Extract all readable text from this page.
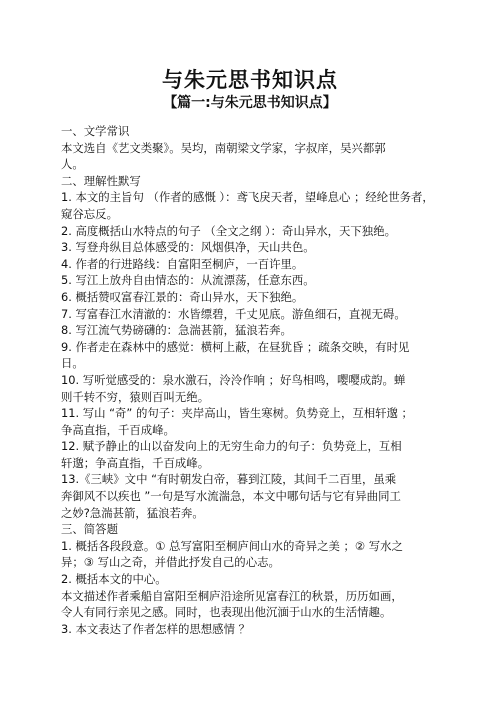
与朱元思书知识点
【篇一:与朱元思书知识点】

一、文学常识

本文选自《艺文类聚》。吴均，南朝梁文学家，字叔庠，吴兴都郭

人。

二、理解性默写

1. 本文的主旨句 （作者的感慨 ）：鸢飞戾天者，望峰息心 ；经纶世务者，

窥谷忘反。

2. 高度概括山水特点的句子 （全文之纲 ）：奇山异水，天下独绝。

3. 写登舟纵目总体感受的：风烟俱净，天山共色。

4. 作者的行进路线：自富阳至桐庐，一百许里。

5. 写江上放舟自由情态的：从流漂荡，任意东西。

6. 概括赞叹富春江景的：奇山异水，天下独绝。

7. 写富春江水清澈的：水皆缥碧，千丈见底。游鱼细石，直视无碍。

8. 写江流气势磅礴的：急湍甚箭，猛浪若奔。

9. 作者走在森林中的感觉：横柯上蔽，在昼犹昏 ；疏条交映，有时见

日。

10. 写听觉感受的：泉水激石，泠泠作响 ；好鸟相鸣，嘤嘤成韵。蝉

则千转不穷，猿则百叫无绝。

11. 写山 “奇” 的句子：夹岸高山，皆生寒树。负势竞上，互相轩邈 ；

争高直指，千百成峰。

12. 赋予静止的山以奋发向上的无穷生命力的句子：负势竞上，互相

轩邈；争高直指，千百成峰。

13.《三峡》文中 “有时朝发白帝，暮到江陵，其间千二百里，虽乘

奔御风不以疾也 ”一句是写水流湍急，本文中哪句话与它有异曲同工

之妙?急湍甚箭，猛浪若奔。

三、简答题

1. 概括各段段意。① 总写富阳至桐庐间山水的奇异之美 ；② 写水之

异；③ 写山之奇，并借此抒发自己的心志。

2. 概括本文的中心。

本文描述作者乘船自富阳至桐庐沿途所见富春江的秋景，历历如画，

令人有同行亲见之感。同时，也表现出他沉湎于山水的生活情趣。

3. 本文表达了作者怎样的思想感情 ？
